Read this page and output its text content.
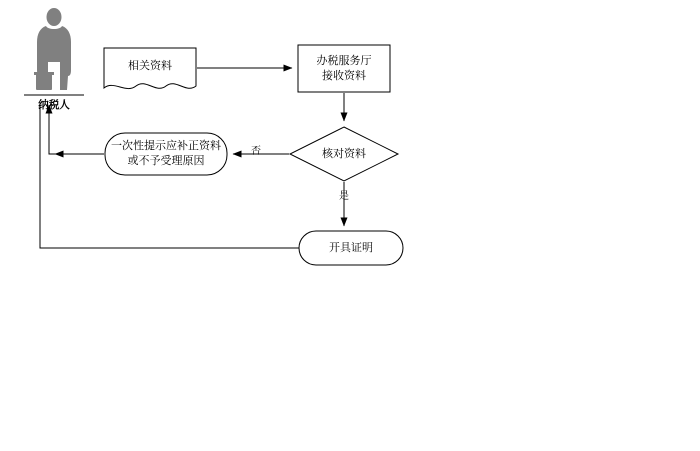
纳税人
相关资料	办税服务厅
接收资料
核对资料
一次性提示应补正资料
或不予受理原因
开具证明
否
是
